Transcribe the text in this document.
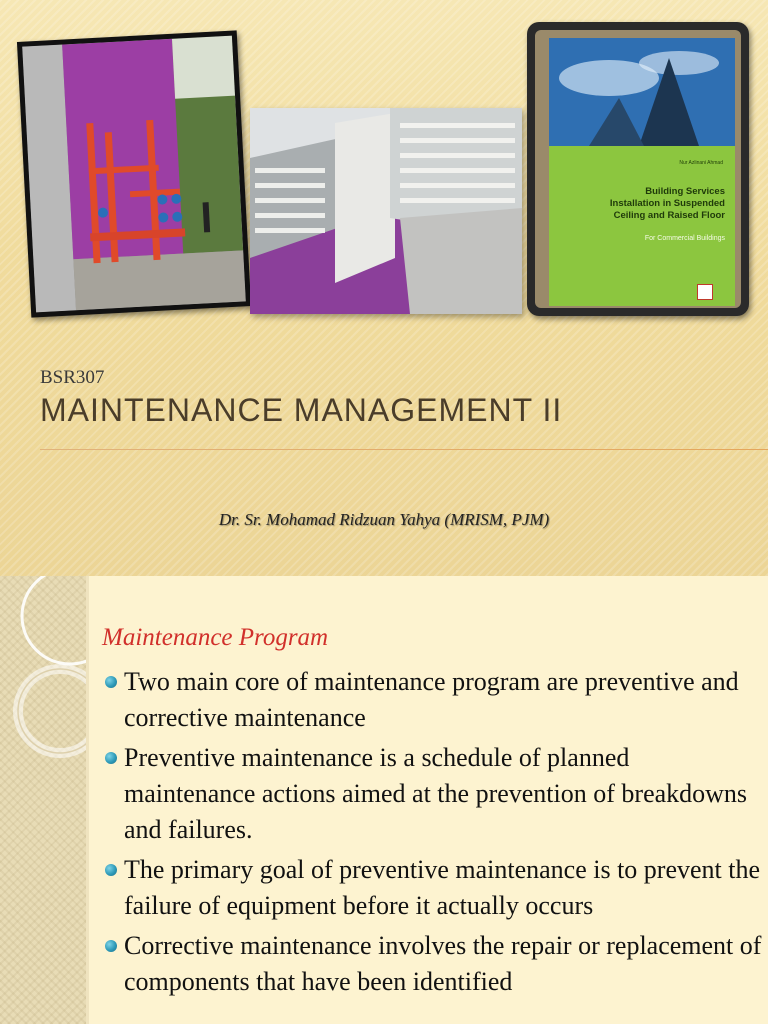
Nur Azlinani Ahmad
Building Services
Installation in Suspended
Ceiling and Raised Floor
For Commercial Buildings
BSR307
MAINTENANCE MANAGEMENT II
Dr. Sr. Mohamad Ridzuan Yahya (MRISM, PJM)
Maintenance Program
Two main core of maintenance program are preventive and corrective maintenance
Preventive maintenance is a schedule of planned maintenance actions aimed at the prevention of breakdowns and failures.
The primary goal of preventive maintenance is to prevent the failure of equipment before it actually occurs
Corrective maintenance involves the repair or replacement of components that have been identified
